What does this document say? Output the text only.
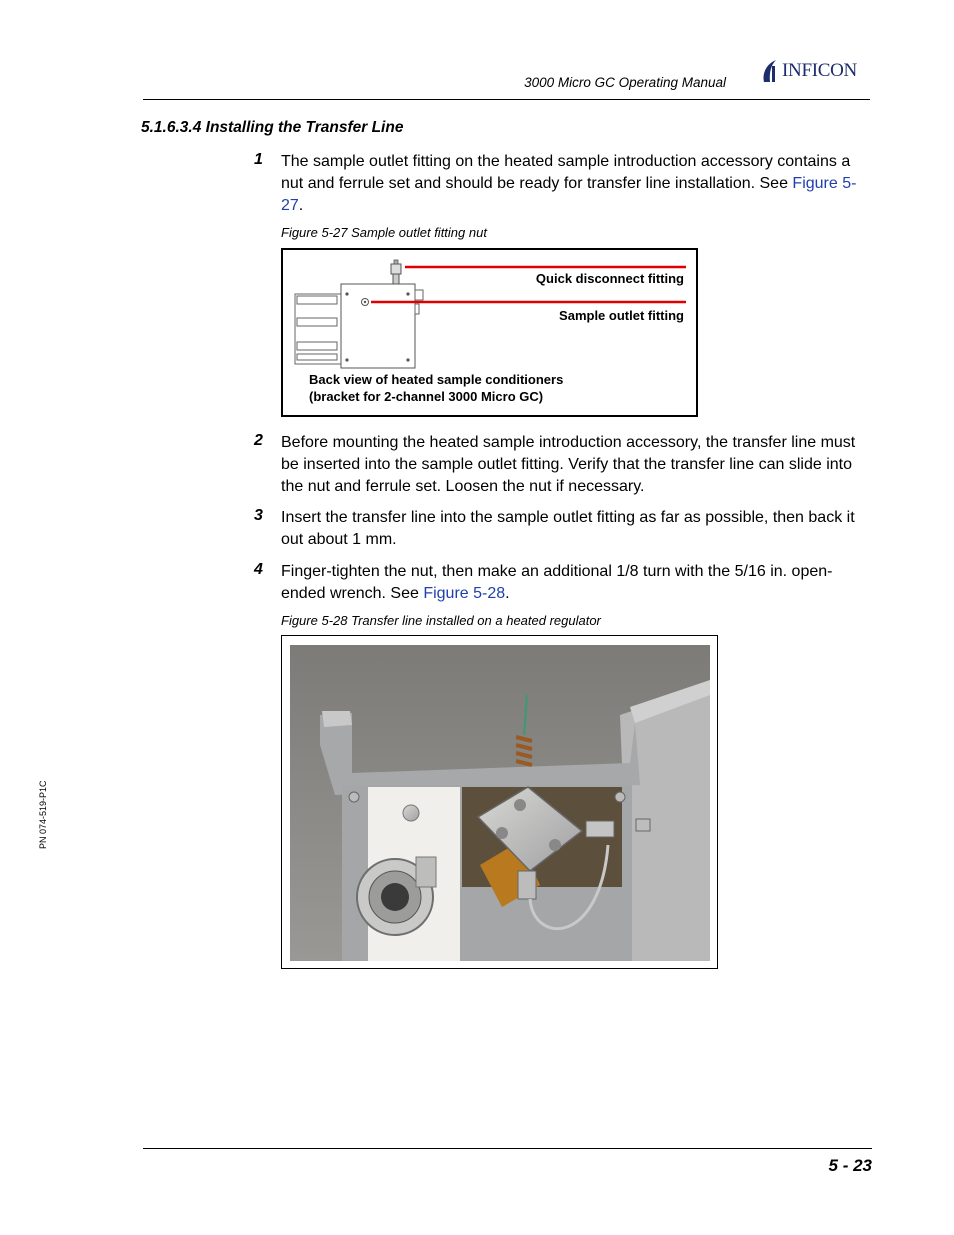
3000 Micro GC Operating Manual
INFICON
5.1.6.3.4 Installing the Transfer Line
1 The sample outlet fitting on the heated sample introduction accessory contains a nut and ferrule set and should be ready for transfer line installation. See Figure 5-27.
Figure 5-27 Sample outlet fitting nut
Quick disconnect fitting
Sample outlet fitting
Back view of heated sample conditioners
(bracket for 2-channel 3000 Micro GC)
2 Before mounting the heated sample introduction accessory, the transfer line must be inserted into the sample outlet fitting. Verify that the transfer line can slide into the nut and ferrule set. Loosen the nut if necessary.
3 Insert the transfer line into the sample outlet fitting as far as possible, then back it out about 1 mm.
4 Finger-tighten the nut, then make an additional 1/8 turn with the 5/16 in. open-ended wrench. See Figure 5-28.
Figure 5-28 Transfer line installed on a heated regulator
PN 074-519-P1C
5 - 23
